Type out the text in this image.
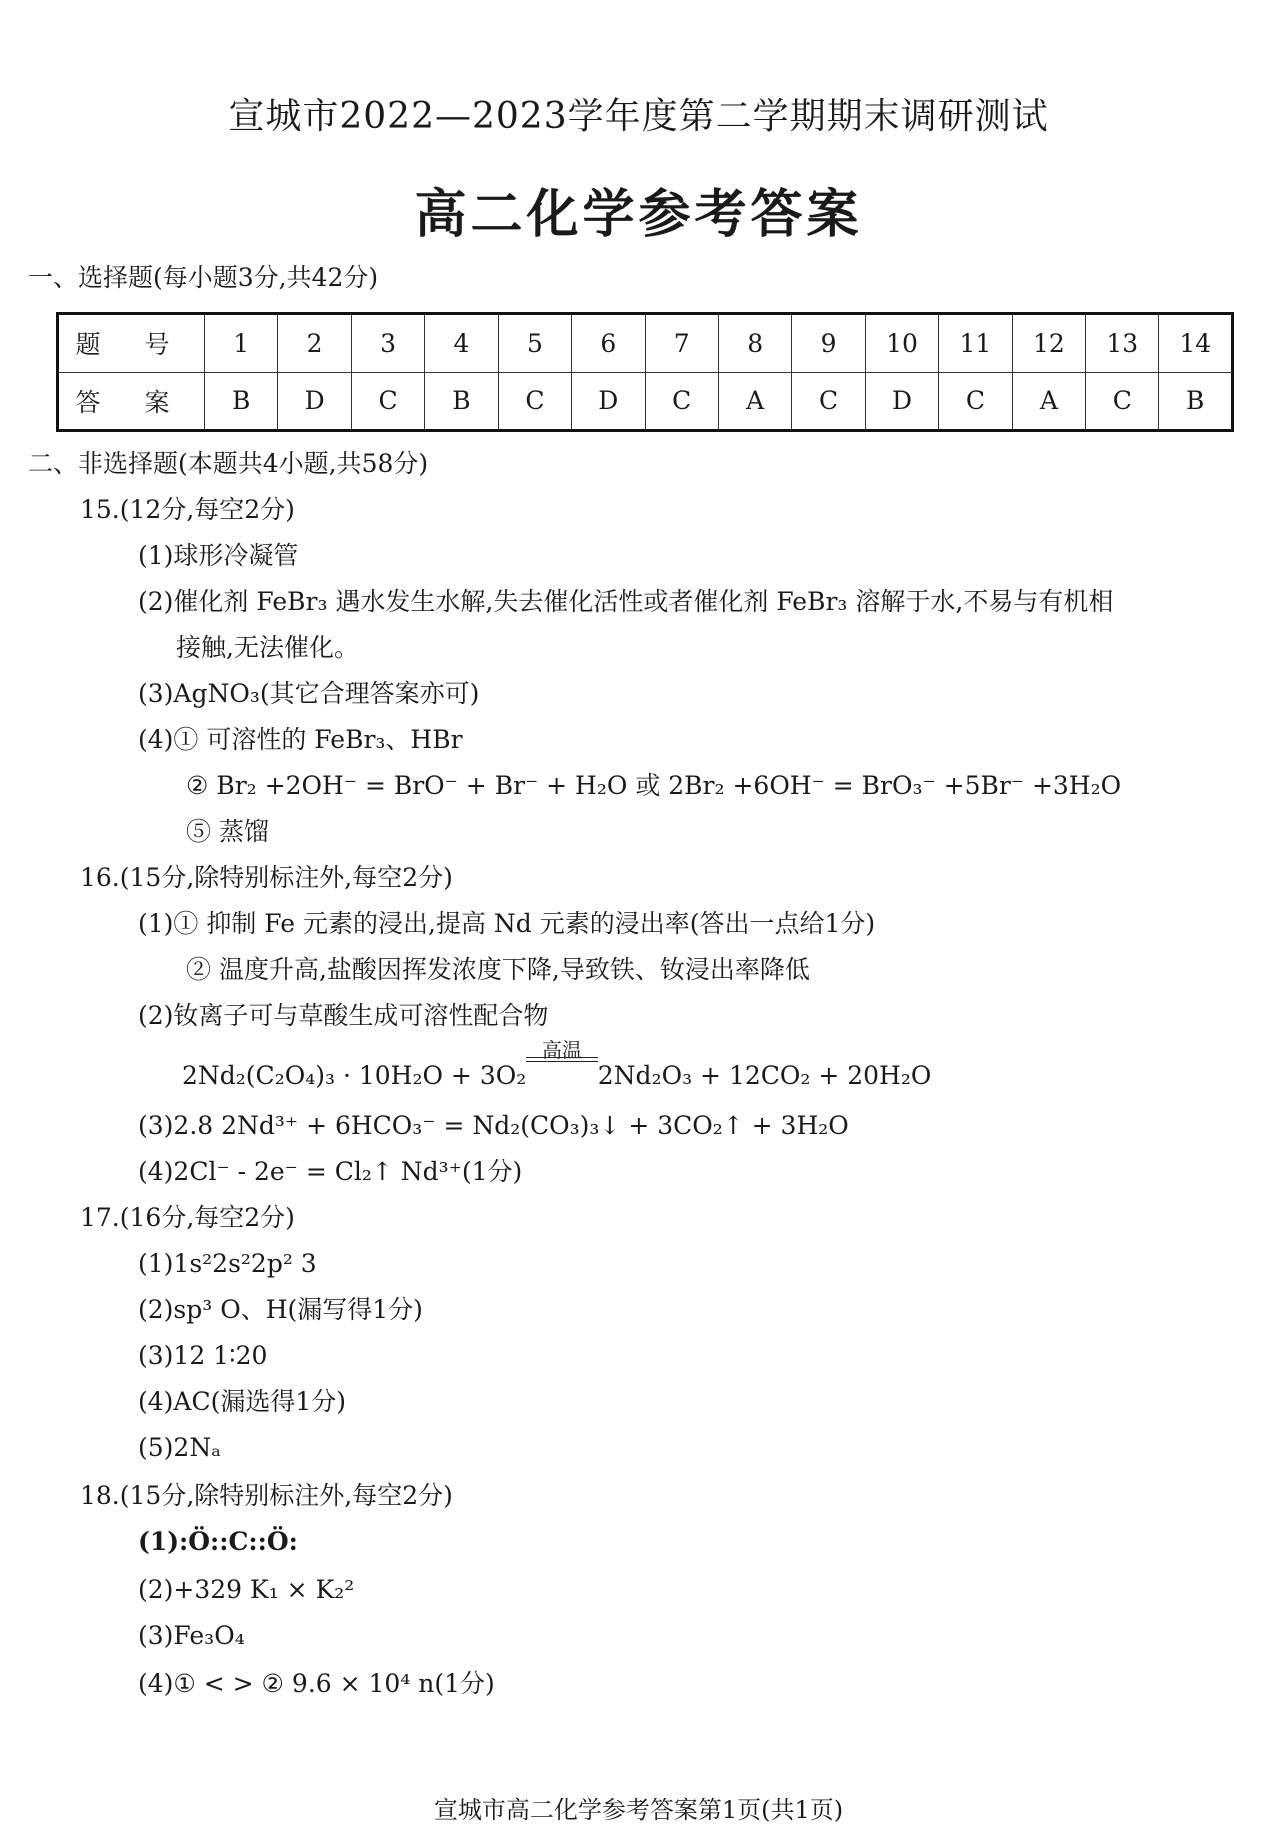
宣城市2022—2023学年度第二学期期末调研测试
高二化学参考答案
一、选择题(每小题3分,共42分)
题 号	1	2	3	4	5	6	7	8	9	10	11	12	13	14
答 案	B	D	C	B	C	D	C	A	C	D	C	A	C	B
二、非选择题(本题共4小题,共58分)
15.(12分,每空2分)
(1)球形冷凝管
(2)催化剂 FeBr₃ 遇水发生水解,失去催化活性或者催化剂 FeBr₃ 溶解于水,不易与有机相
接触,无法催化。
(3)AgNO₃(其它合理答案亦可)
(4)① 可溶性的 FeBr₃、HBr
② Br₂ +2OH⁻ = BrO⁻ + Br⁻ + H₂O 或 2Br₂ +6OH⁻ = BrO₃⁻ +5Br⁻ +3H₂O
⑤ 蒸馏
16.(15分,除特别标注外,每空2分)
(1)① 抑制 Fe 元素的浸出,提高 Nd 元素的浸出率(答出一点给1分)
② 温度升高,盐酸因挥发浓度下降,导致铁、钕浸出率降低
(2)钕离子可与草酸生成可溶性配合物
2Nd₂(C₂O₄)₃ · 10H₂O + 3O₂
高温
2Nd₂O₃ + 12CO₂ + 20H₂O
(3)2.8 2Nd³⁺ + 6HCO₃⁻ = Nd₂(CO₃)₃↓ + 3CO₂↑ + 3H₂O
(4)2Cl⁻ - 2e⁻ = Cl₂↑ Nd³⁺(1分)
17.(16分,每空2分)
(1)1s²2s²2p² 3
(2)sp³ O、H(漏写得1分)
(3)12 1∶20
(4)AC(漏选得1分)
(5)2Nₐ
18.(15分,除特别标注外,每空2分)
(1):Ö::C::Ö:
(2)+329 K₁ × K₂²
(3)Fe₃O₄
(4)① < > ② 9.6 × 10⁴ n(1分)
宣城市高二化学参考答案第1页(共1页)
